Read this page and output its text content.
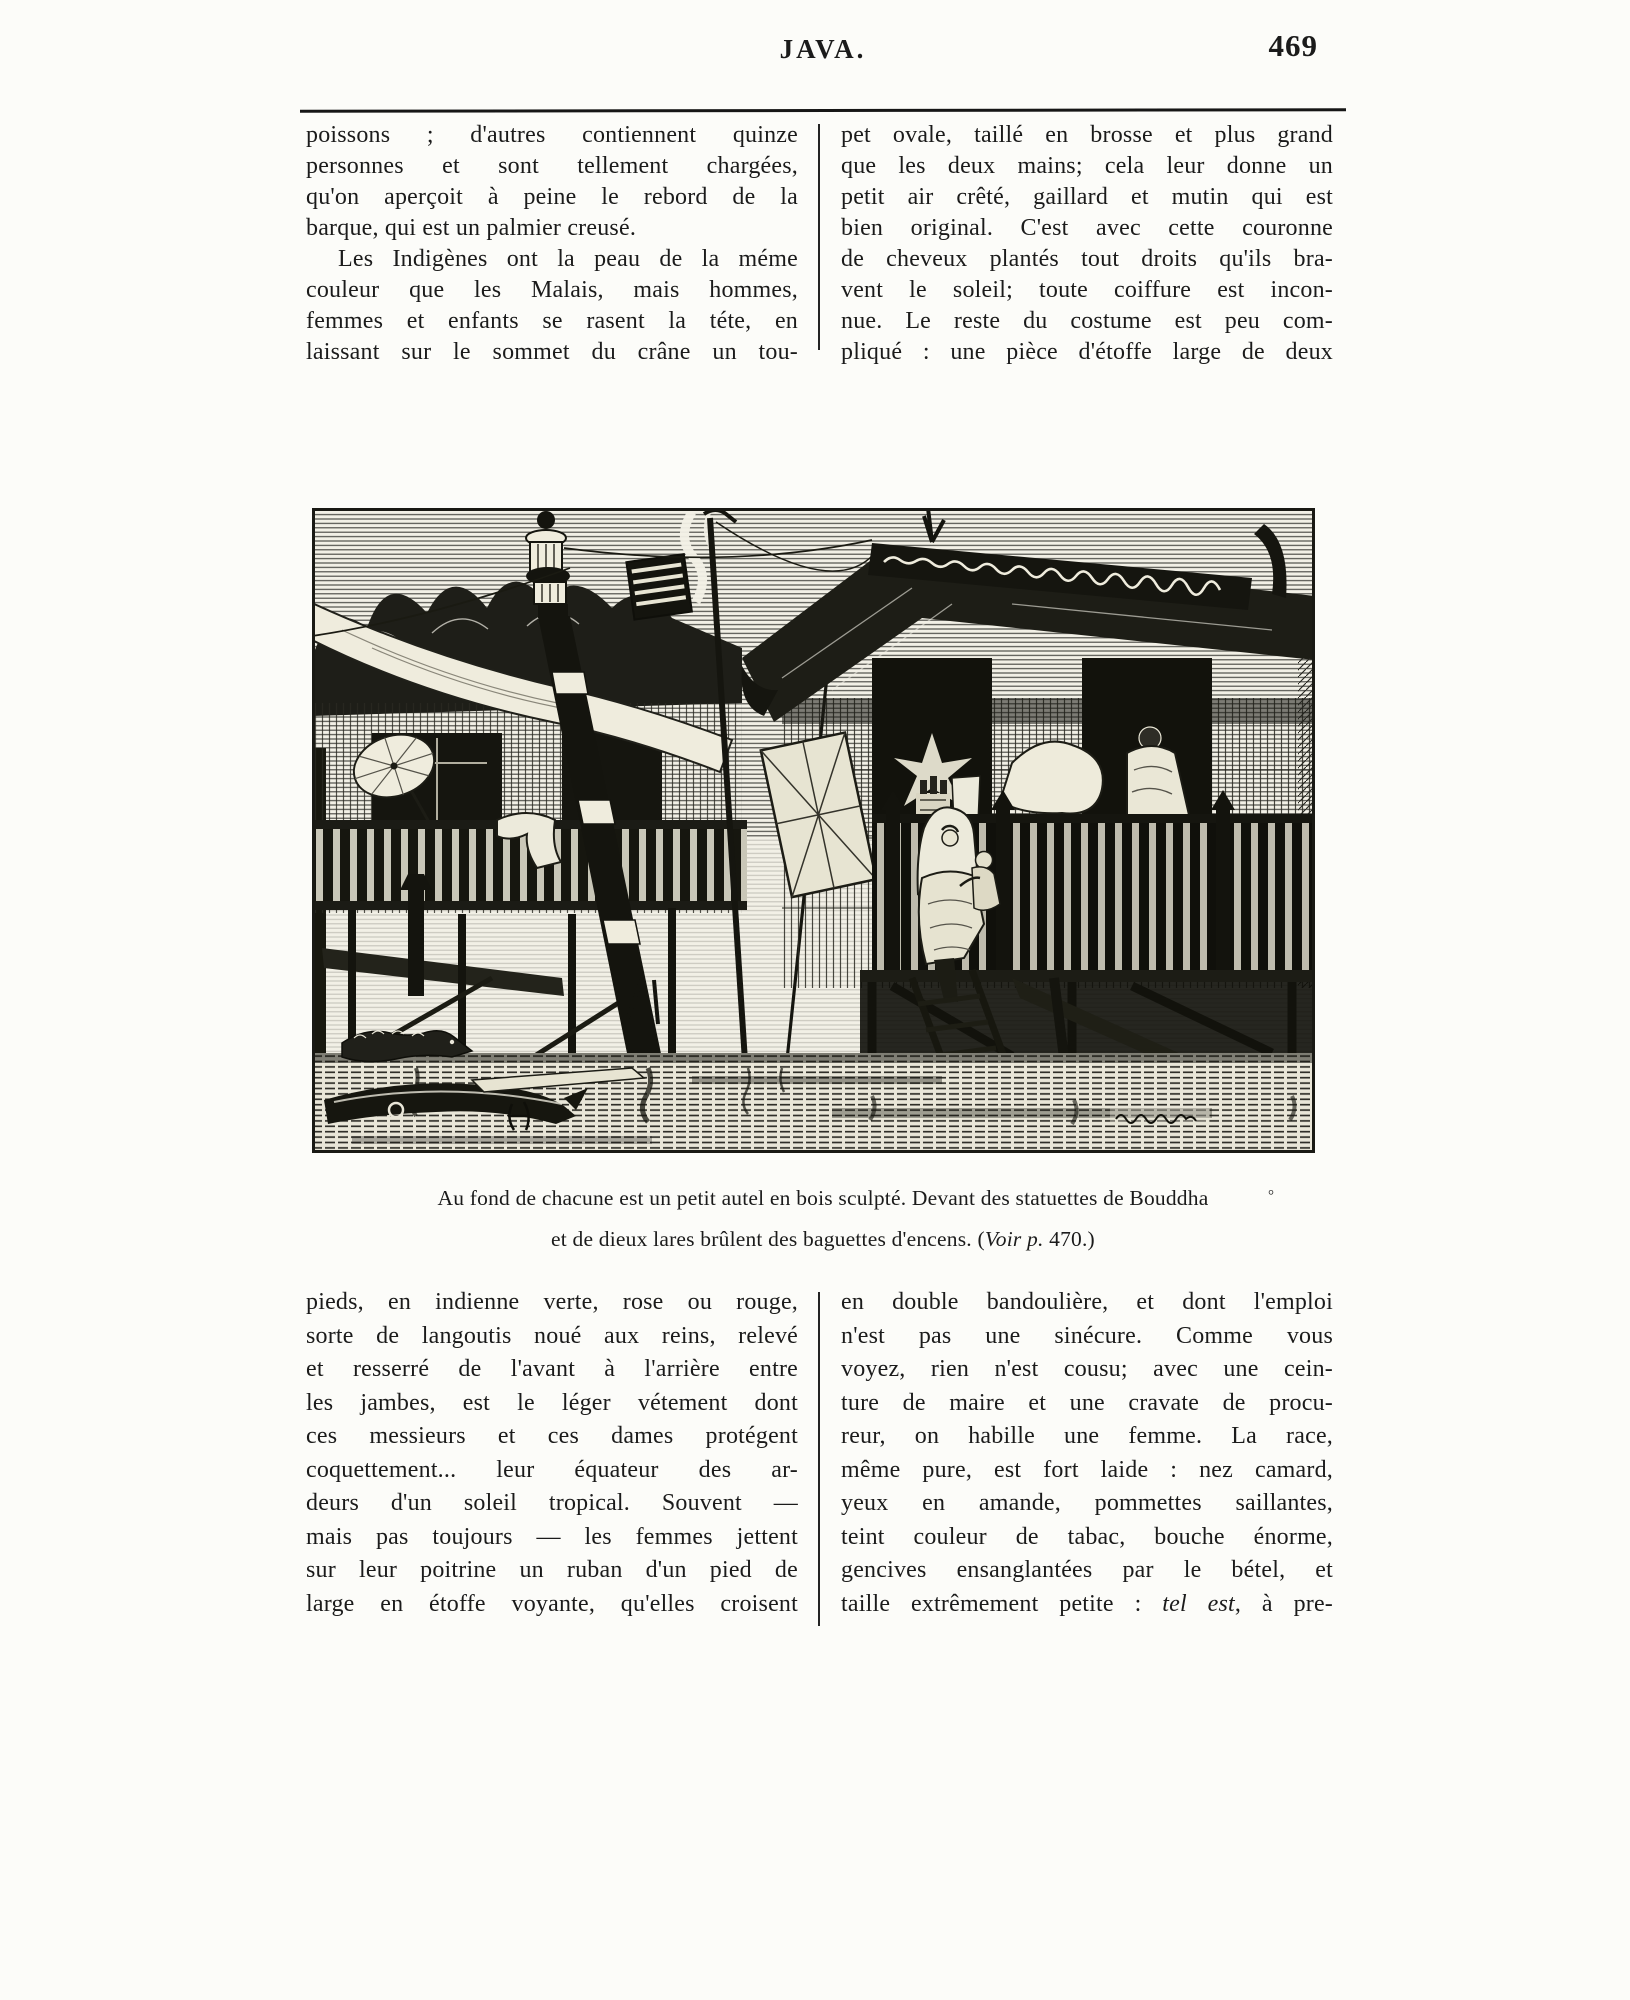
JAVA.	469
poissons ; d'autres contiennent quinze
personnes et sont tellement chargées,
qu'on aperçoit à peine le rebord de la
barque, qui est un palmier creusé.
Les Indigènes ont la peau de la méme
couleur que les Malais, mais hommes,
femmes et enfants se rasent la téte, en
laissant sur le sommet du crâne un tou-
pet ovale, taillé en brosse et plus grand
que les deux mains; cela leur donne un
petit air crêté, gaillard et mutin qui est
bien original. C'est avec cette couronne
de cheveux plantés tout droits qu'ils bra-
vent le soleil; toute coiffure est incon-
nue. Le reste du costume est peu com-
pliqué : une pièce d'étoffe large de deux
Au fond de chacune est un petit autel en bois sculpté. Devant des statuettes de Bouddha
et de dieux lares brûlent des baguettes d'encens. (Voir p. 470.)
°
pieds, en indienne verte, rose ou rouge,
sorte de langoutis noué aux reins, relevé
et resserré de l'avant à l'arrière entre
les jambes, est le léger vétement dont
ces messieurs et ces dames protégent
coquettement... leur équateur des ar-
deurs d'un soleil tropical. Souvent —
mais pas toujours — les femmes jettent
sur leur poitrine un ruban d'un pied de
large en étoffe voyante, qu'elles croisent
en double bandoulière, et dont l'emploi
n'est pas une sinécure. Comme vous
voyez, rien n'est cousu; avec une cein-
ture de maire et une cravate de procu-
reur, on habille une femme. La race,
même pure, est fort laide : nez camard,
yeux en amande, pommettes saillantes,
teint couleur de tabac, bouche énorme,
gencives ensanglantées par le bétel, et
taille extrêmement petite : tel est, à pre-
